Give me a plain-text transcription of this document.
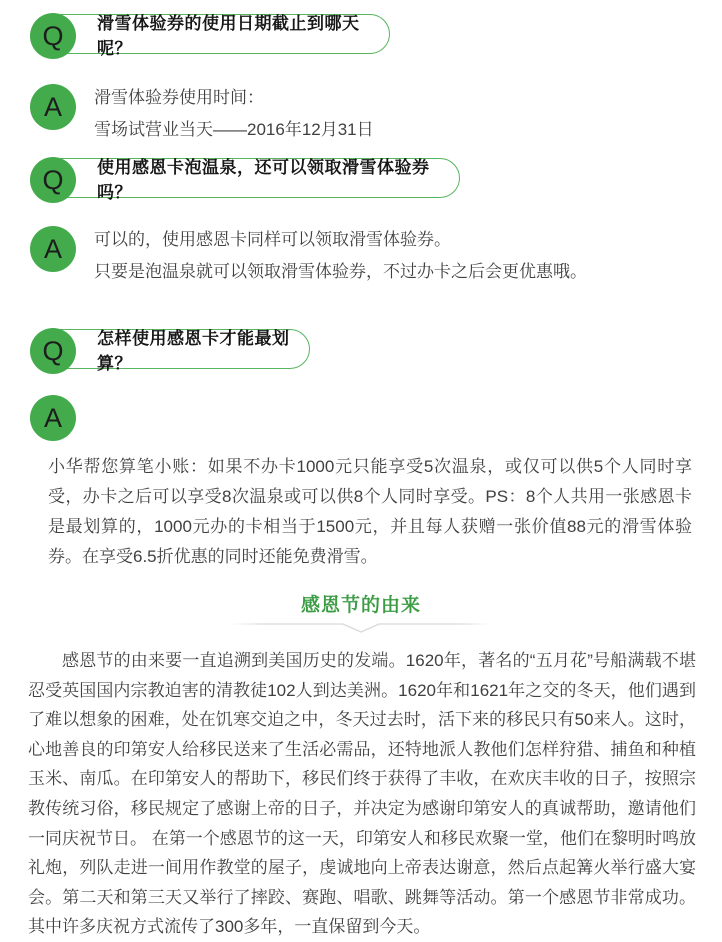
Q	滑雪体验券的使用日期截止到哪天呢？
A	滑雪体验券使用时间：
雪场试营业当天——2016年12月31日
Q	使用感恩卡泡温泉，还可以领取滑雪体验券吗？
A	可以的，使用感恩卡同样可以领取滑雪体验券。
只要是泡温泉就可以领取滑雪体验券，不过办卡之后会更优惠哦。
Q	怎样使用感恩卡才能最划算？
A
小华帮您算笔小账：如果不办卡1000元只能享受5次温泉，或仅可以供5个人同时享受，办卡之后可以享受8次温泉或可以供8个人同时享受。PS：8个人共用一张感恩卡是最划算的，1000元办的卡相当于1500元，并且每人获赠一张价值88元的滑雪体验券。在享受6.5折优惠的同时还能免费滑雪。
感恩节的由来
感恩节的由来要一直追溯到美国历史的发端。1620年，著名的“五月花”号船满载不堪忍受英国国内宗教迫害的清教徒102人到达美洲。1620年和1621年之交的冬天，他们遇到了难以想象的困难，处在饥寒交迫之中，冬天过去时，活下来的移民只有50来人。这时，心地善良的印第安人给移民送来了生活必需品，还特地派人教他们怎样狩猎、捕鱼和种植玉米、南瓜。在印第安人的帮助下，移民们终于获得了丰收，在欢庆丰收的日子，按照宗教传统习俗，移民规定了感谢上帝的日子，并决定为感谢印第安人的真诚帮助，邀请他们一同庆祝节日。 在第一个感恩节的这一天，印第安人和移民欢聚一堂，他们在黎明时鸣放礼炮，列队走进一间用作教堂的屋子，虔诚地向上帝表达谢意，然后点起篝火举行盛大宴会。第二天和第三天又举行了摔跤、赛跑、唱歌、跳舞等活动。第一个感恩节非常成功。其中许多庆祝方式流传了300多年，一直保留到今天。
